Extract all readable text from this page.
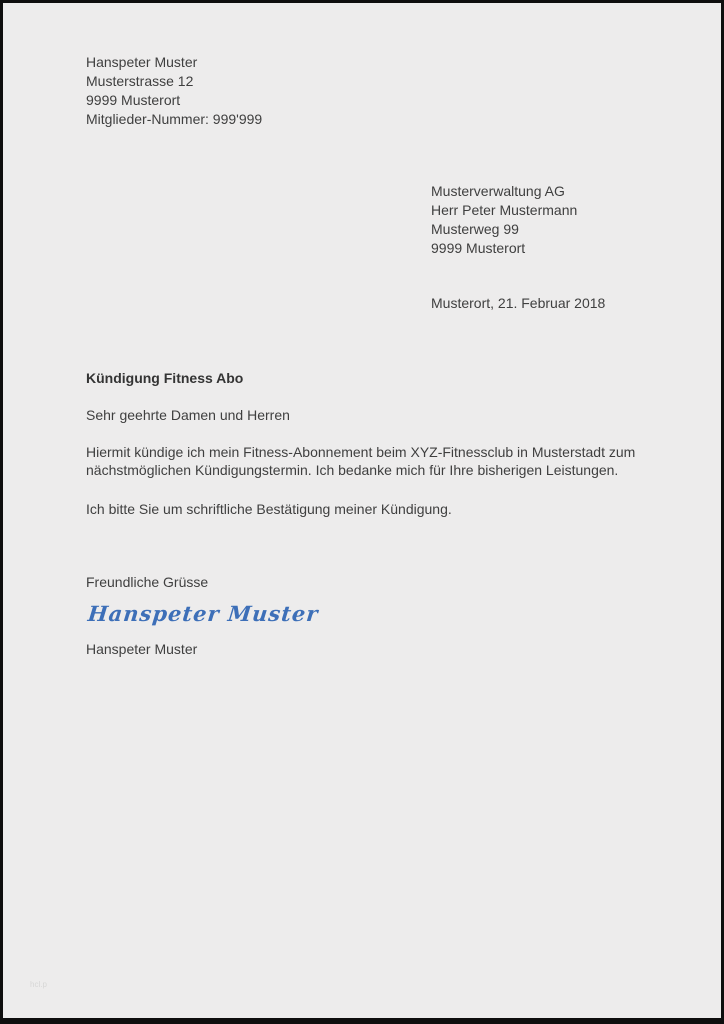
Hanspeter Muster
Musterstrasse 12
9999 Musterort
Mitglieder-Nummer: 999'999
Musterverwaltung AG
Herr Peter Mustermann
Musterweg 99
9999 Musterort
Musterort, 21. Februar 2018
Kündigung Fitness Abo
Sehr geehrte Damen und Herren
Hiermit kündige ich mein Fitness-Abonnement beim XYZ-Fitnessclub in Musterstadt zum nächstmöglichen Kündigungstermin. Ich bedanke mich für Ihre bisherigen Leistungen.
Ich bitte Sie um schriftliche Bestätigung meiner Kündigung.
Freundliche Grüsse
Hanspeter Muster
Hanspeter Muster
hcl.p
